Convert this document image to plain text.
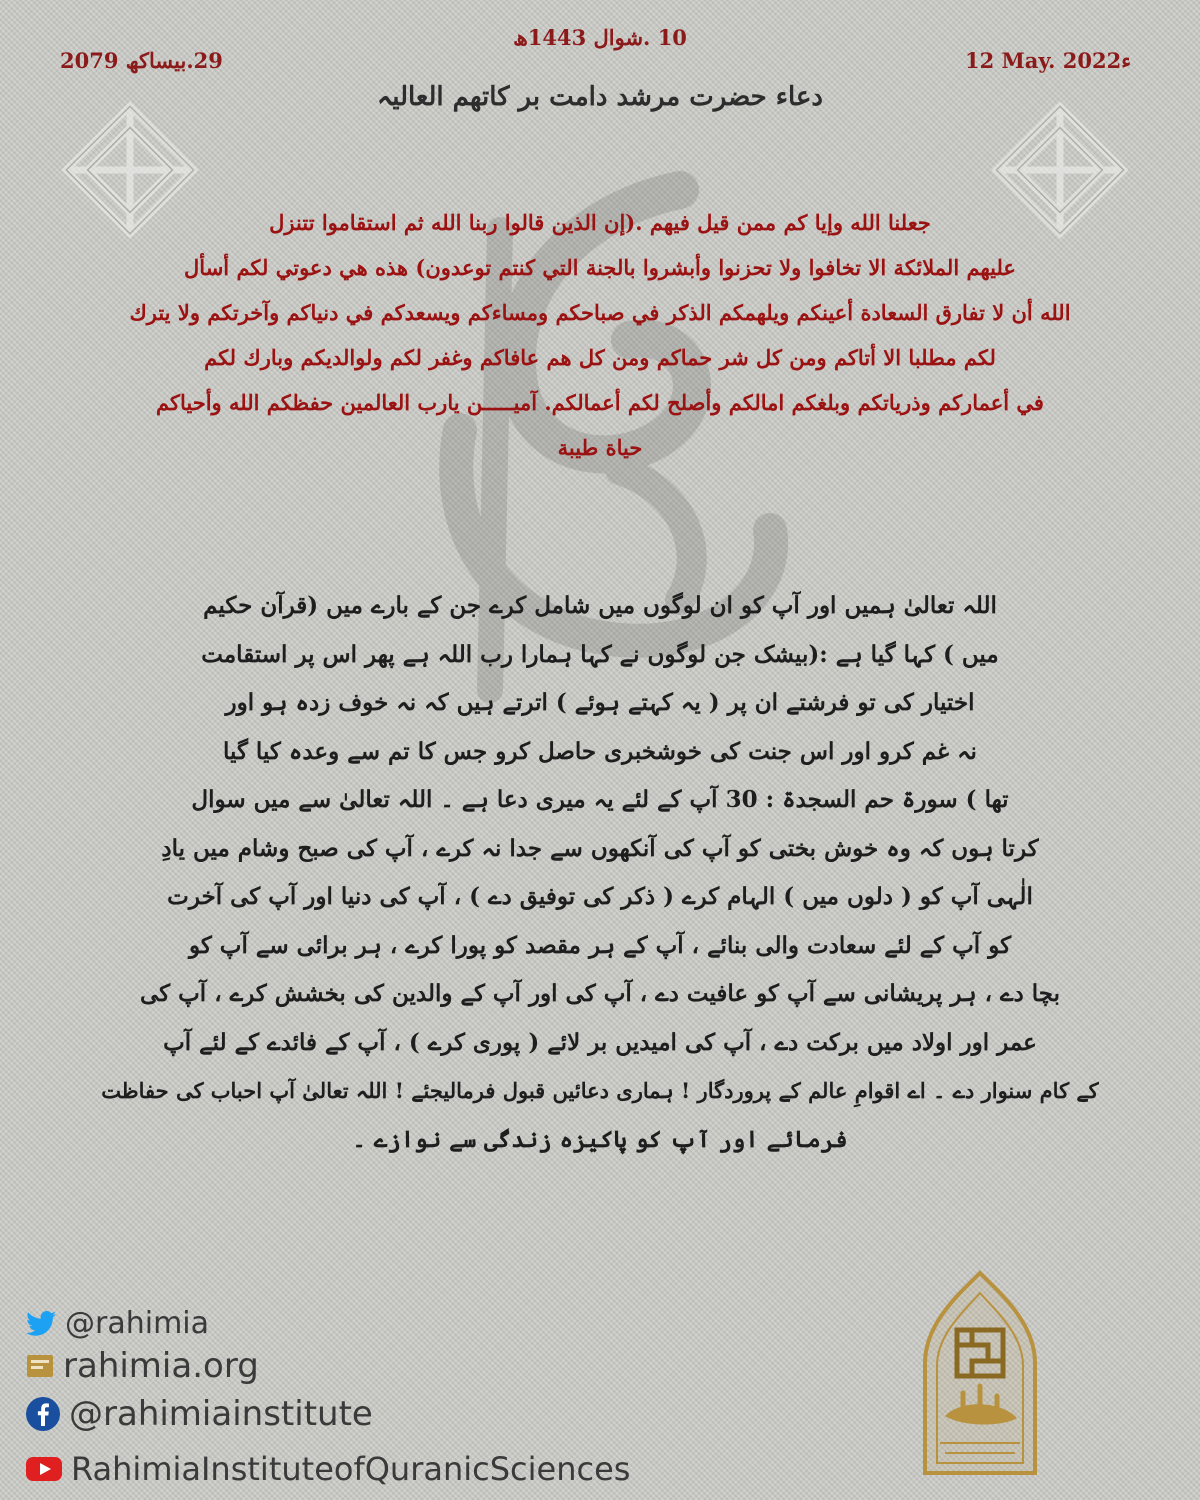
10 .شوال 1443ھ
29.بیساکھ 2079	12 May. 2022ء
دعاء حضرت مرشد دامت بر کاتھم العالیہ
جعلنا الله وإيا كم ممن قيل فيهم .(إن الذين قالوا ربنا الله ثم استقاموا تتنزل
عليهم الملائكة الا تخافوا ولا تحزنوا وأبشروا بالجنة التي كنتم توعدون) هذه هي دعوتي لكم أسأل
الله أن لا تفارق السعادة أعينكم ويلهمكم الذكر في صباحكم ومساءكم ويسعدكم في دنياكم وآخرتكم ولا يترك
لكم مطلبا الا أتاكم ومن كل شر حماكم ومن كل هم عافاكم وغفر لكم ولوالديكم وبارك لكم
في أعماركم وذرياتكم وبلغكم امالكم وأصلح لكم أعمالكم. آميـــــن يارب العالمين حفظكم الله وأحياكم
حياة طيبة
اللہ تعالیٰ ہمیں اور آپ کو ان لوگوں میں شامل کرے جن کے بارے میں (قرآن حکیم
میں ) کہا گیا ہے :(بیشک جن لوگوں نے کہا ہمارا رب اللہ ہے پھر اس پر استقامت
اختیار کی تو فرشتے ان پر ( یہ کہتے ہوئے ) اترتے ہیں کہ نہ خوف زدہ ہو اور
نہ غم کرو اور اس جنت کی خوشخبری حاصل کرو جس کا تم سے وعدہ کیا گیا
تھا ) سورۃ حم السجدۃ : 30 آپ کے لئے یہ میری دعا ہے ۔ اللہ تعالیٰ سے میں سوال
کرتا ہوں کہ وہ خوش بختی کو آپ کی آنکھوں سے جدا نہ کرے ، آپ کی صبح وشام میں یادِ
الٰہی آپ کو ( دلوں میں ) الہام کرے ( ذکر کی توفیق دے ) ، آپ کی دنیا اور آپ کی آخرت
کو آپ کے لئے سعادت والی بنائے ، آپ کے ہر مقصد کو پورا کرے ، ہر برائی سے آپ کو
بچا دے ، ہر پریشانی سے آپ کو عافیت دے ، آپ کی اور آپ کے والدین کی بخشش کرے ، آپ کی
عمر اور اولاد میں برکت دے ، آپ کی امیدیں بر لائے ( پوری کرے ) ، آپ کے فائدے کے لئے آپ
کے کام سنوار دے ۔ اے اقوامِ عالم کے پروردگار ! ہماری دعائیں قبول فرمالیجئے ! اللہ تعالیٰ آپ احباب کی حفاظت
فرمائے اور آپ کو پاکیزہ زندگی سے نوازے ۔
@rahimia
rahimia.org
@rahimiainstitute
RahimiaInstituteofQuranicSciences
